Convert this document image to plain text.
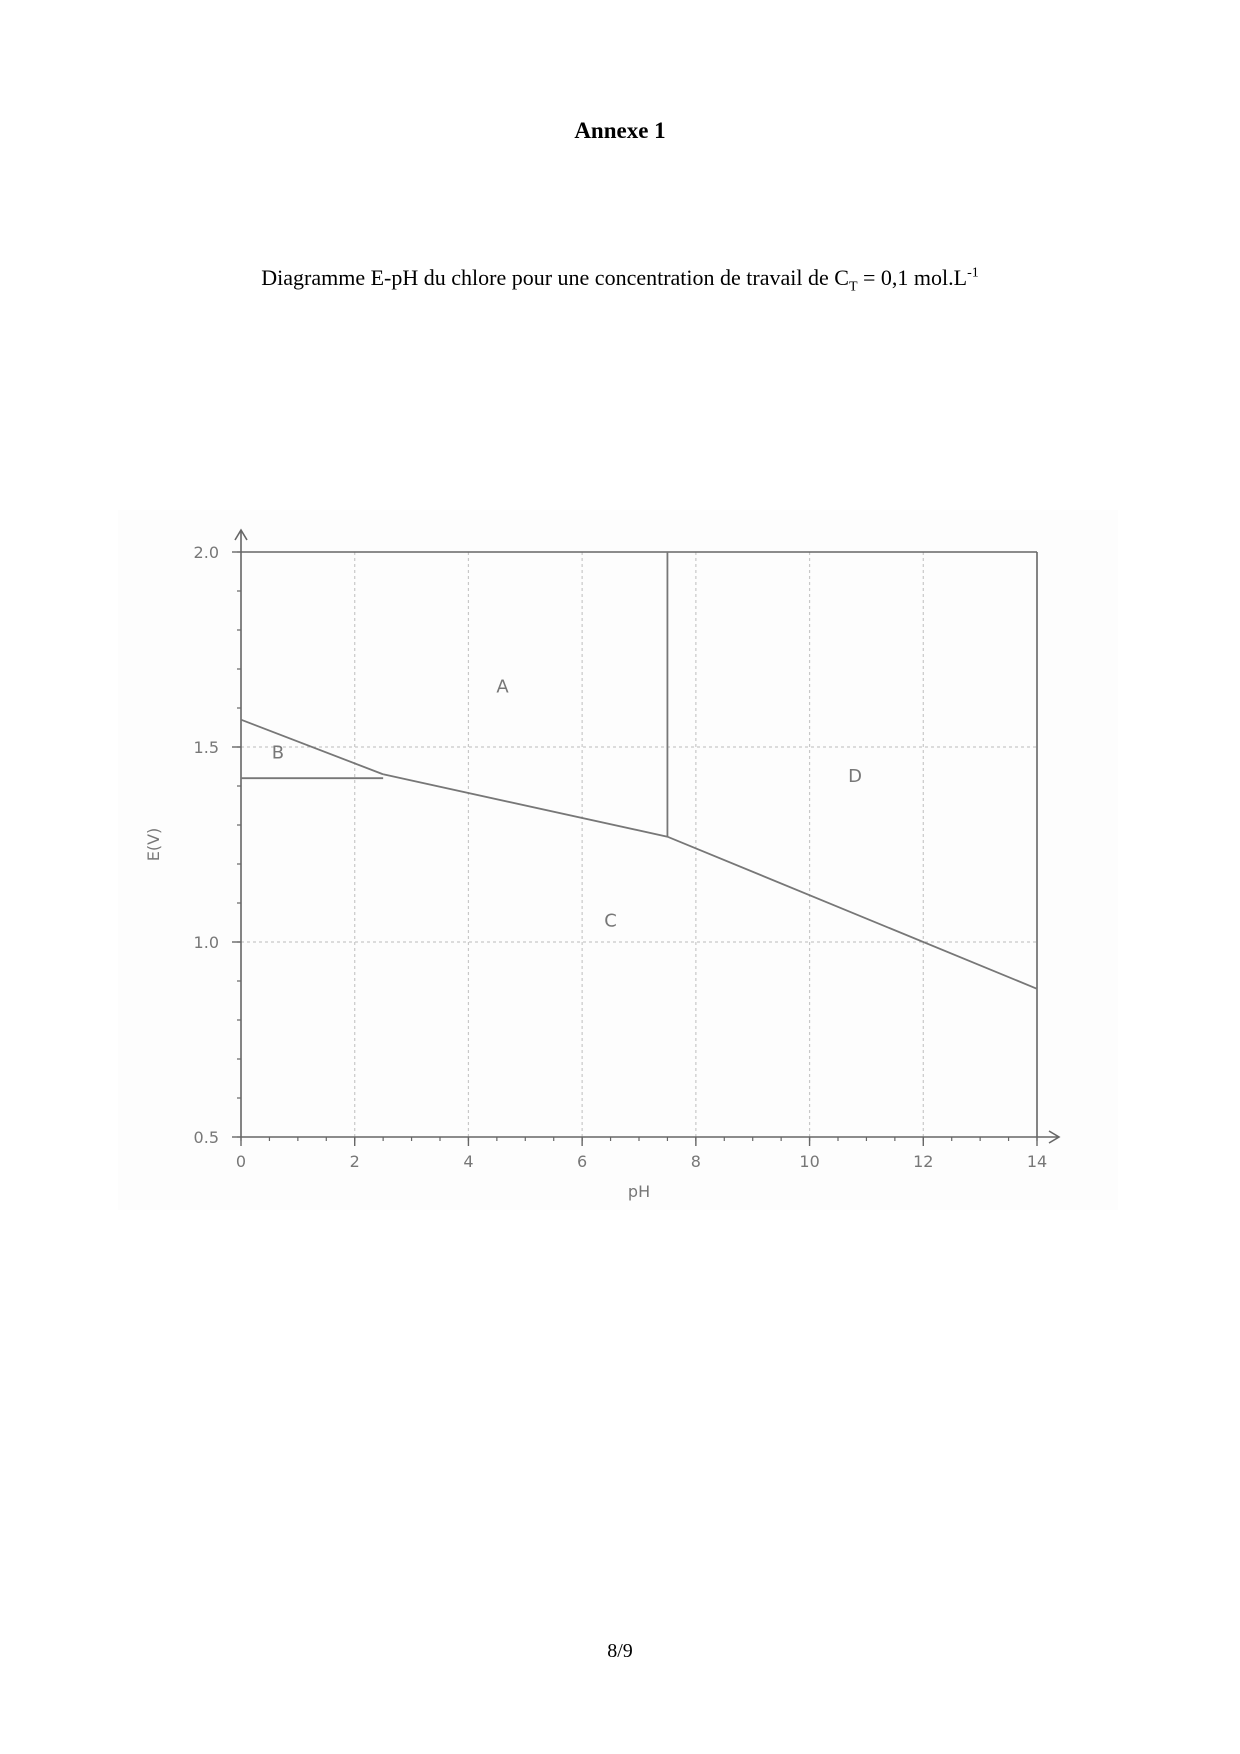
Annexe 1
Diagramme E-pH du chlore pour une concentration de travail de $C_T = 0,1$ $mol.L^{-1}$
0	2	4	6	8	10	12	14
0.5
1.0
1.5
2.0
pH
E(V)
A
B
C
D
8/9
